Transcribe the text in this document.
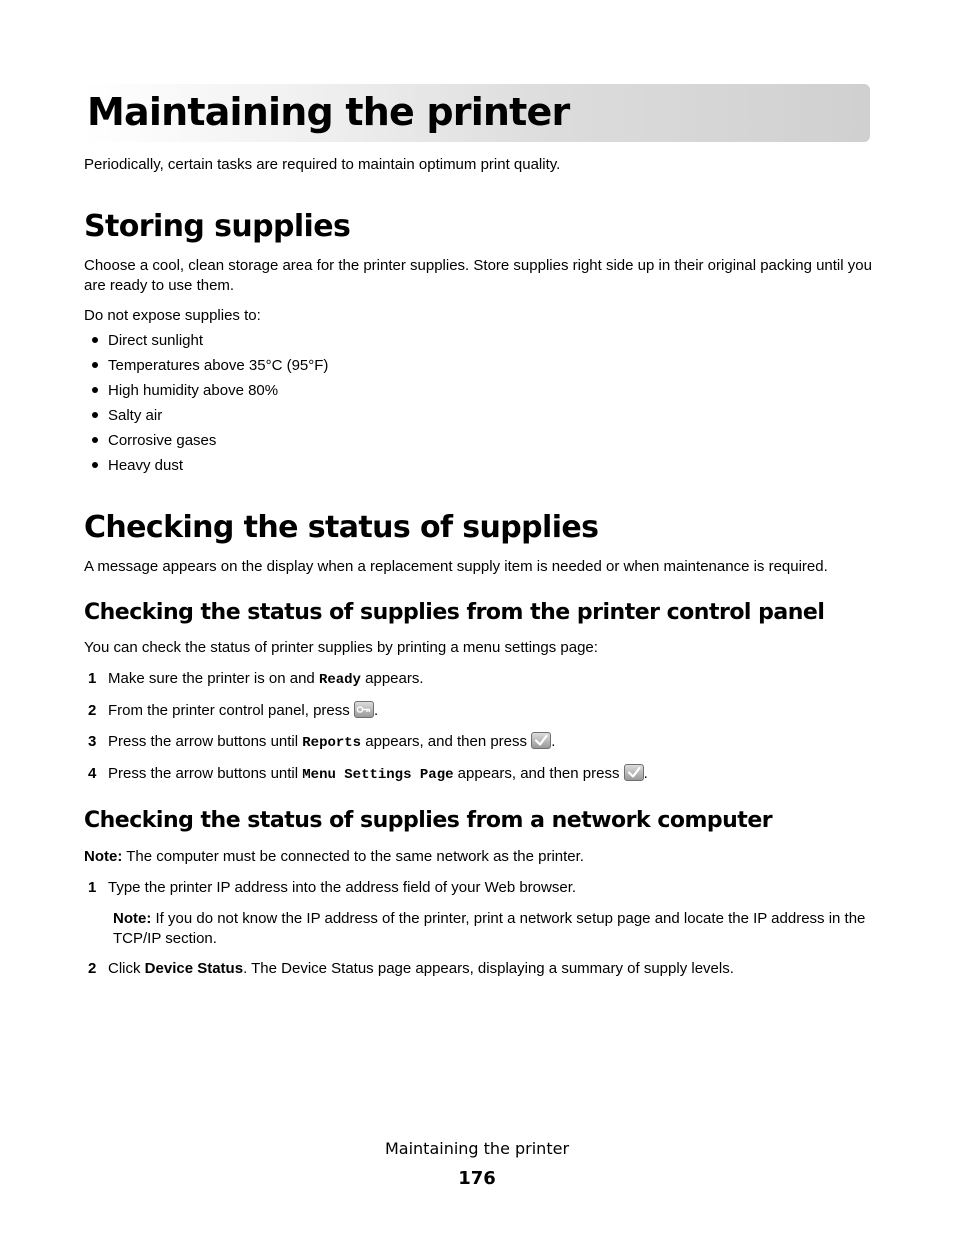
Maintaining the printer

Periodically, certain tasks are required to maintain optimum print quality.

Storing supplies

Choose a cool, clean storage area for the printer supplies. Store supplies right side up in their original packing until you are ready to use them.

Do not expose supplies to:

Direct sunlight

Temperatures above 35°C (95°F)

High humidity above 80%

Salty air

Corrosive gases

Heavy dust

Checking the status of supplies

A message appears on the display when a replacement supply item is needed or when maintenance is required.

Checking the status of supplies from the printer control panel

You can check the status of printer supplies by printing a menu settings page:

1 Make sure the printer is on and Ready appears.

2 From the printer control panel, press
.

3 Press the arrow buttons until Reports appears, and then press
.

4 Press the arrow buttons until Menu Settings Page appears, and then press
.

Checking the status of supplies from a network computer

Note: The computer must be connected to the same network as the printer.

1 Type the printer IP address into the address field of your Web browser.

Note: If you do not know the IP address of the printer, print a network setup page and locate the IP address in the TCP/IP section.

2 Click Device Status. The Device Status page appears, displaying a summary of supply levels.

Maintaining the printer

176
